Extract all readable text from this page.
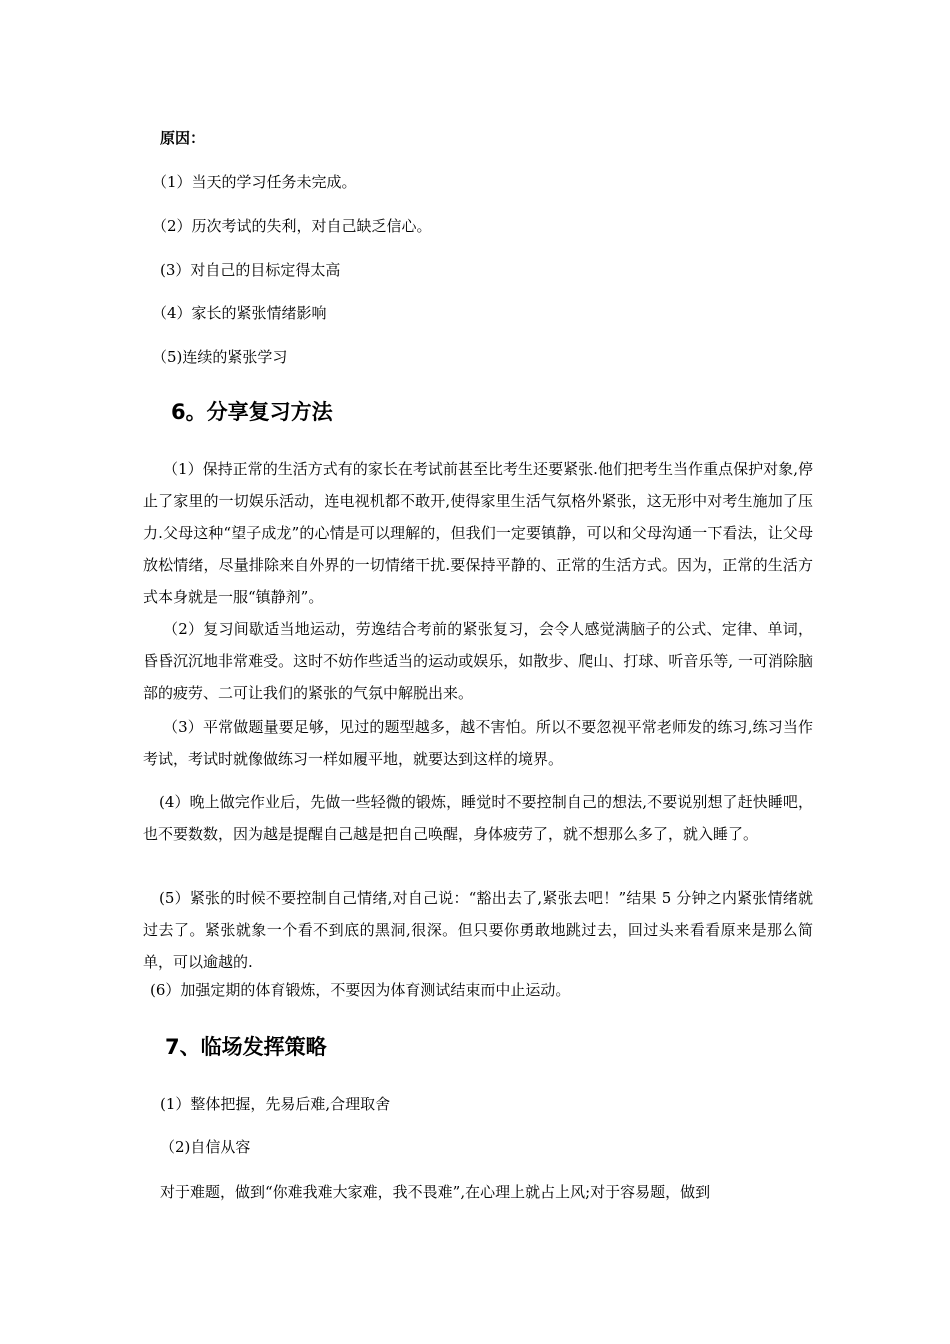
原因：
（1）当天的学习任务未完成。
（2）历次考试的失利，对自己缺乏信心。
(3）对自己的目标定得太高
（4）家长的紧张情绪影响
（5)连续的紧张学习
6。分享复习方法
（1）保持正常的生活方式有的家长在考试前甚至比考生还要紧张.他们把考生当作重点保护对象,停止了家里的一切娱乐活动，连电视机都不敢开,使得家里生活气氛格外紧张，这无形中对考生施加了压力.父母这种“望子成龙”的心情是可以理解的，但我们一定要镇静，可以和父母沟通一下看法，让父母放松情绪，尽量排除来自外界的一切情绪干扰.要保持平静的、正常的生活方式。因为，正常的生活方式本身就是一服“镇静剂”。
（2）复习间歇适当地运动，劳逸结合考前的紧张复习，会令人感觉满脑子的公式、定律、单词，昏昏沉沉地非常难受。这时不妨作些适当的运动或娱乐，如散步、爬山、打球、听音乐等, 一可消除脑部的疲劳、二可让我们的紧张的气氛中解脱出来。
（3）平常做题量要足够，见过的题型越多，越不害怕。所以不要忽视平常老师发的练习,练习当作考试，考试时就像做练习一样如履平地，就要达到这样的境界。
(4）晚上做完作业后，先做一些轻微的锻炼，睡觉时不要控制自己的想法,不要说别想了赶快睡吧，也不要数数，因为越是提醒自己越是把自己唤醒，身体疲劳了，就不想那么多了，就入睡了。
(5）紧张的时候不要控制自己情绪,对自己说：“豁出去了,紧张去吧！”结果 5 分钟之内紧张情绪就过去了。紧张就象一个看不到底的黑洞,很深。但只要你勇敢地跳过去，回过头来看看原来是那么简单，可以逾越的.
(6）加强定期的体育锻炼，不要因为体育测试结束而中止运动。
7、临场发挥策略
(1）整体把握，先易后难,合理取舍
（2)自信从容
对于难题，做到“你难我难大家难，我不畏难”,在心理上就占上风;对于容易题，做到
